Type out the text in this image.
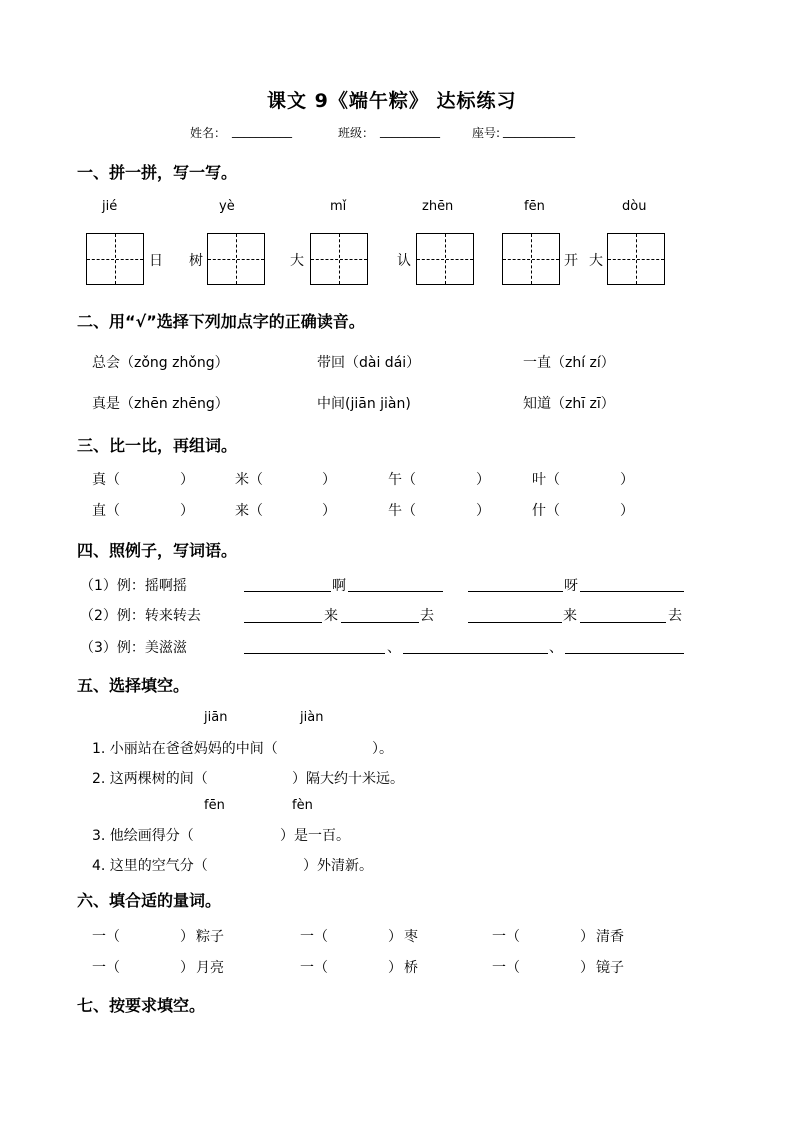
课文 9《端午粽》 达标练习
姓名： __________	班级： __________	座号: ____________
一、拼一拼，写一写。
jié	yè	mǐ	zhēn	fēn	dòu
日 树	大	认	开 大
二、用“√”选择下列加点字的正确读音。
总会（zǒng zhǒng）	带回（dài dái）	一直（zhí zí）
真是（zhēn zhēng）	中间(jiān jiàn)	知道（zhī zī）
三、比一比，再组词。
真（	）	米（	）	午（	）	叶（	）
直（	）	来（	）	牛（	）	什（	）
四、照例子，写词语。
（1）例：摇啊摇	啊	呀
（2）例：转来转去	来	去	来	去
（3）例：美滋滋	、	、
五、选择填空。
jiān	jiàn
1. 小丽站在爸爸妈妈的中间（	）。
2. 这两棵树的间（	）隔大约十米远。
fēn	fèn
3. 他绘画得分（	）是一百。
4. 这里的空气分（	）外清新。
六、填合适的量词。
一（	） 粽子	一（	） 枣	一（	） 清香
一（	） 月亮	一（	） 桥	一（	） 镜子
七、按要求填空。
